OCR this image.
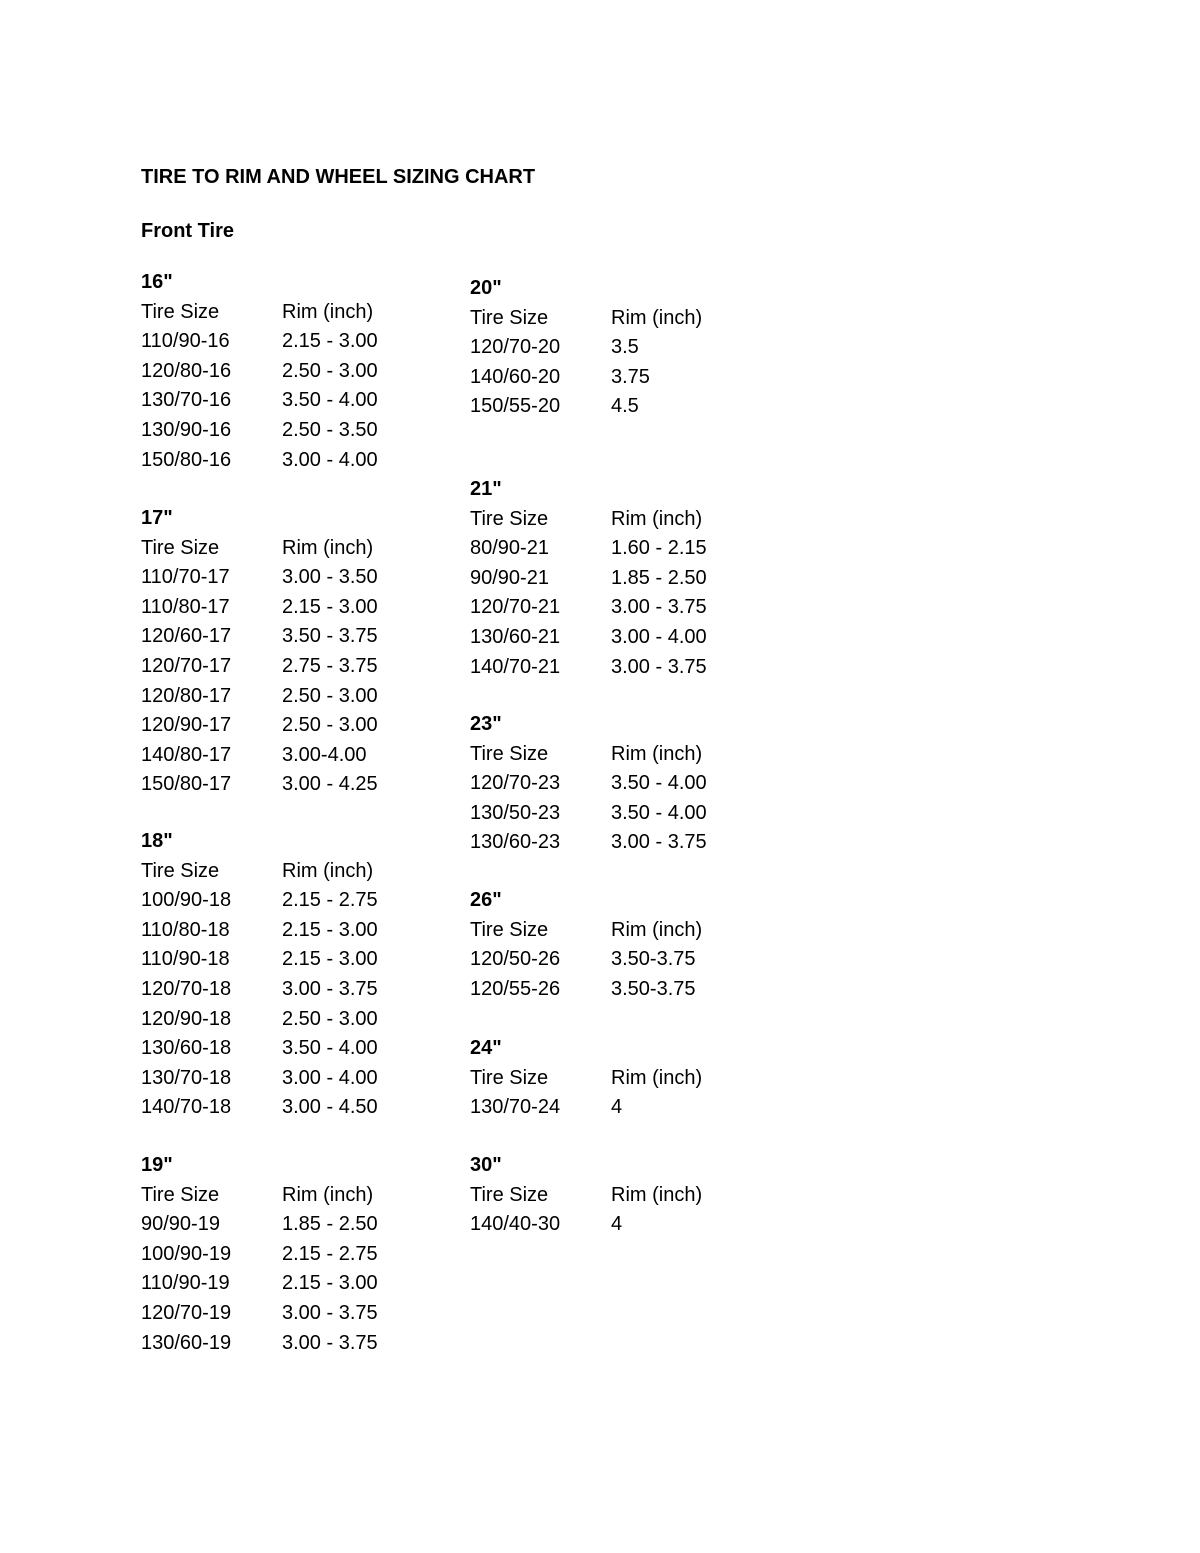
TIRE TO RIM AND WHEEL SIZING CHART
Front Tire
16"
Tire Size	Rim (inch)
110/90-16	2.15 - 3.00
120/80-16	2.50 - 3.00
130/70-16	3.50 - 4.00
130/90-16	2.50 - 3.50
150/80-16	3.00 - 4.00
17"
Tire Size	Rim (inch)
110/70-17	3.00 - 3.50
110/80-17	2.15 - 3.00
120/60-17	3.50 - 3.75
120/70-17	2.75 - 3.75
120/80-17	2.50 - 3.00
120/90-17	2.50 - 3.00
140/80-17	3.00-4.00
150/80-17	3.00 - 4.25
18"
Tire Size	Rim (inch)
100/90-18	2.15 - 2.75
110/80-18	2.15 - 3.00
110/90-18	2.15 - 3.00
120/70-18	3.00 - 3.75
120/90-18	2.50 - 3.00
130/60-18	3.50 - 4.00
130/70-18	3.00 - 4.00
140/70-18	3.00 - 4.50
19"
Tire Size	Rim (inch)
90/90-19	1.85 - 2.50
100/90-19	2.15 - 2.75
110/90-19	2.15 - 3.00
120/70-19	3.00 - 3.75
130/60-19	3.00 - 3.75
20"
Tire Size	Rim (inch)
120/70-20	3.5
140/60-20	3.75
150/55-20	4.5
21"
Tire Size	Rim (inch)
80/90-21	1.60 - 2.15
90/90-21	1.85 - 2.50
120/70-21	3.00 - 3.75
130/60-21	3.00 - 4.00
140/70-21	3.00 - 3.75
23"
Tire Size	Rim (inch)
120/70-23	3.50 - 4.00
130/50-23	3.50 - 4.00
130/60-23	3.00 - 3.75
26"
Tire Size	Rim (inch)
120/50-26	3.50-3.75
120/55-26	3.50-3.75
24"
Tire Size	Rim (inch)
130/70-24	4
30"
Tire Size	Rim (inch)
140/40-30	4
